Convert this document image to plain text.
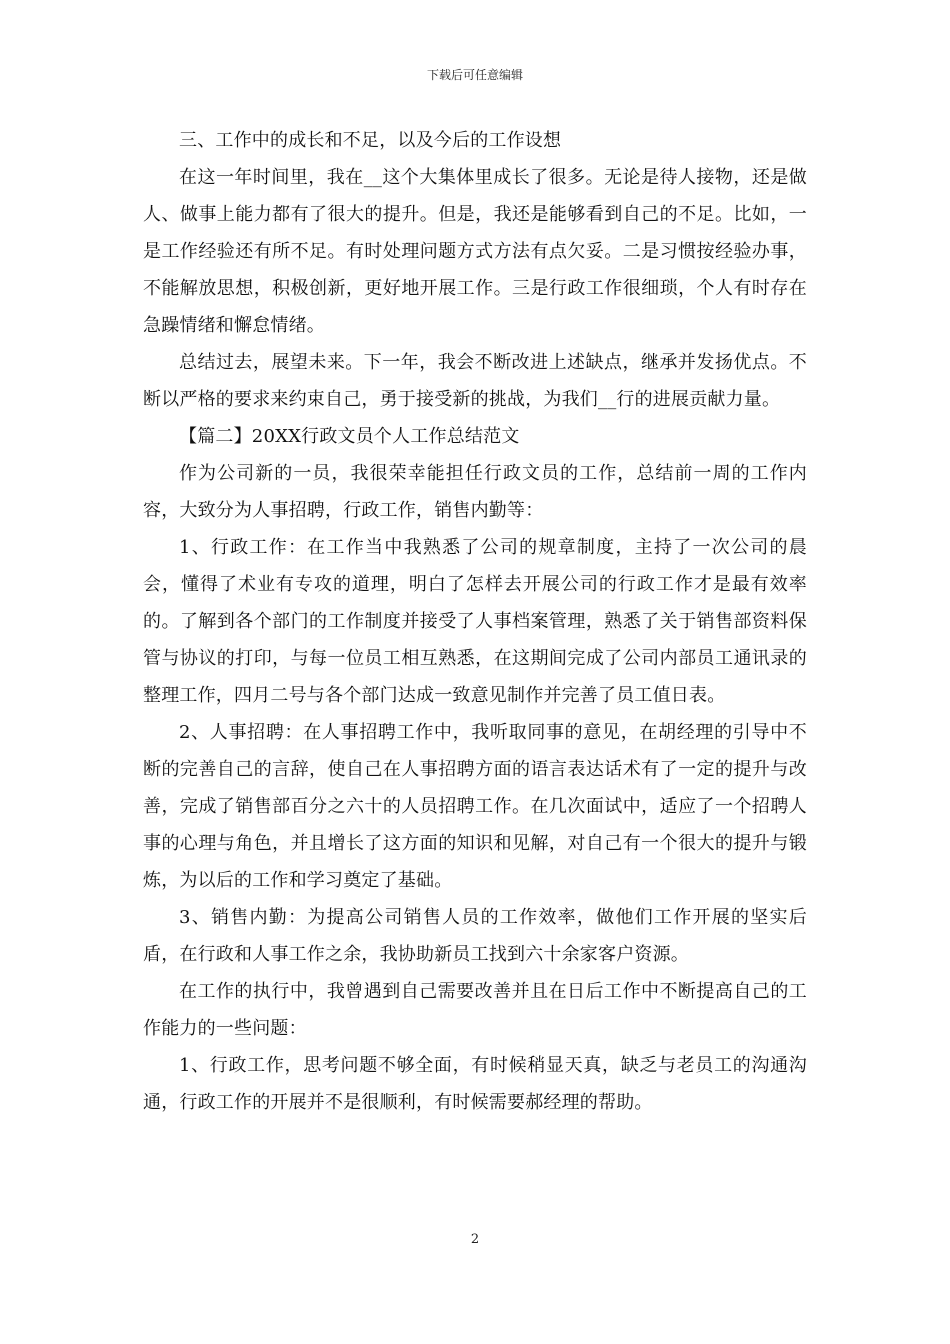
下载后可任意编辑

三、工作中的成长和不足，以及今后的工作设想

在这一年时间里，我在__这个大集体里成长了很多。无论是待人接物，还是做人、做事上能力都有了很大的提升。但是，我还是能够看到自己的不足。比如，一是工作经验还有所不足。有时处理问题方式方法有点欠妥。二是习惯按经验办事，不能解放思想，积极创新，更好地开展工作。三是行政工作很细琐，个人有时存在急躁情绪和懈怠情绪。

总结过去，展望未来。下一年，我会不断改进上述缺点，继承并发扬优点。不断以严格的要求来约束自己，勇于接受新的挑战，为我们__行的进展贡献力量。

【篇二】20XX行政文员个人工作总结范文

作为公司新的一员，我很荣幸能担任行政文员的工作，总结前一周的工作内容，大致分为人事招聘，行政工作，销售内勤等：

1、行政工作：在工作当中我熟悉了公司的规章制度，主持了一次公司的晨会，懂得了术业有专攻的道理，明白了怎样去开展公司的行政工作才是最有效率的。了解到各个部门的工作制度并接受了人事档案管理，熟悉了关于销售部资料保管与协议的打印，与每一位员工相互熟悉，在这期间完成了公司内部员工通讯录的整理工作，四月二号与各个部门达成一致意见制作并完善了员工值日表。

2、人事招聘：在人事招聘工作中，我听取同事的意见，在胡经理的引导中不断的完善自己的言辞，使自己在人事招聘方面的语言表达话术有了一定的提升与改善，完成了销售部百分之六十的人员招聘工作。在几次面试中，适应了一个招聘人事的心理与角色，并且增长了这方面的知识和见解，对自己有一个很大的提升与锻炼，为以后的工作和学习奠定了基础。

3、销售内勤：为提高公司销售人员的工作效率，做他们工作开展的坚实后盾，在行政和人事工作之余，我协助新员工找到六十余家客户资源。

在工作的执行中，我曾遇到自己需要改善并且在日后工作中不断提高自己的工作能力的一些问题：

1、行政工作，思考问题不够全面，有时候稍显天真，缺乏与老员工的沟通沟通，行政工作的开展并不是很顺利，有时候需要郝经理的帮助。

2
